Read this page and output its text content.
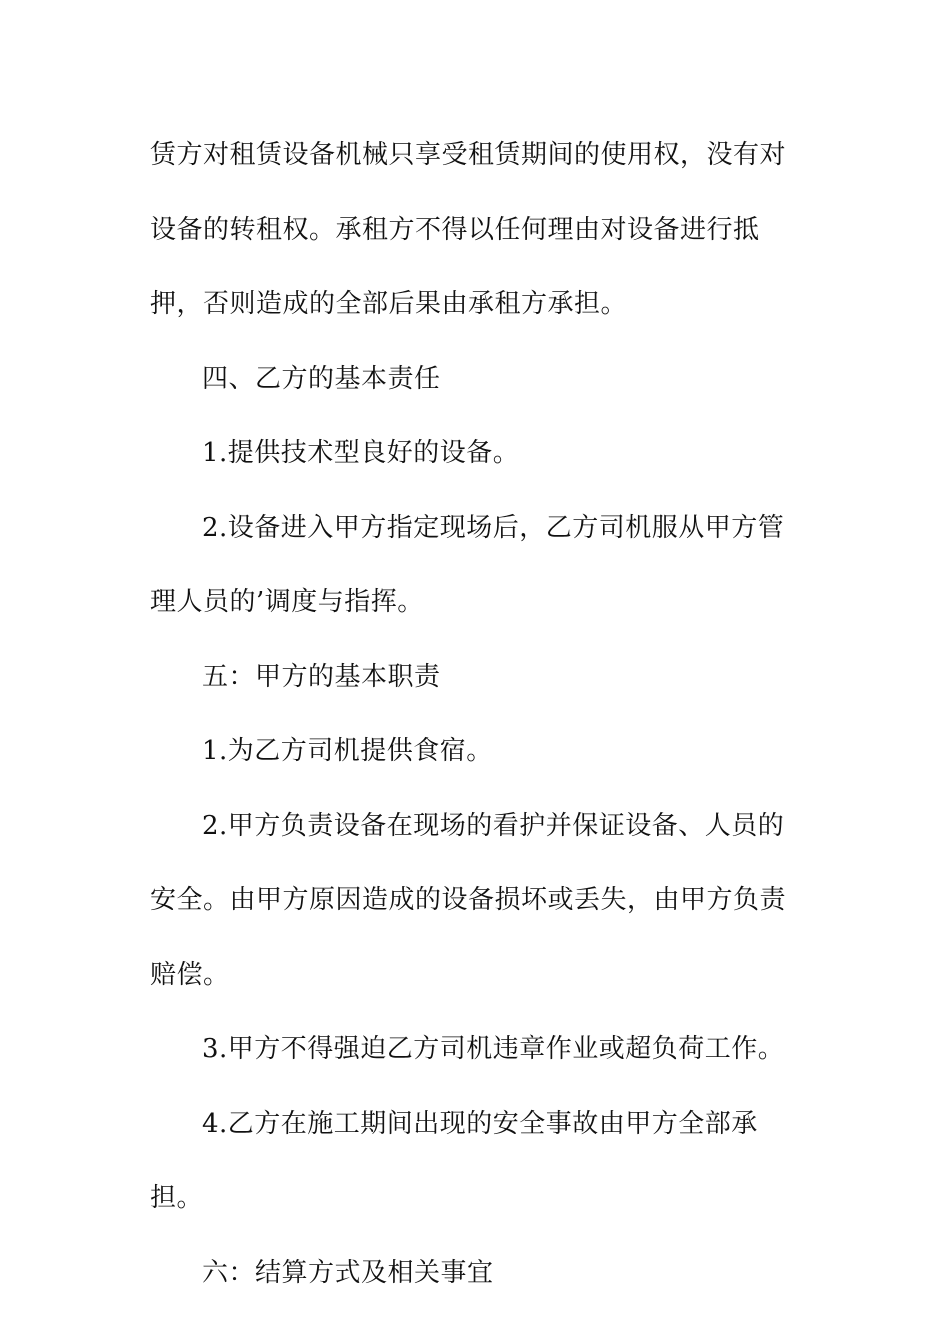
赁方对租赁设备机械只享受租赁期间的使用权，没有对设备的转租权。承租方不得以任何理由对设备进行抵押，否则造成的全部后果由承租方承担。

四、乙方的基本责任

1.提供技术型良好的设备。

2.设备进入甲方指定现场后，乙方司机服从甲方管理人员的’调度与指挥。

五：甲方的基本职责

1.为乙方司机提供食宿。

2.甲方负责设备在现场的看护并保证设备、人员的安全。由甲方原因造成的设备损坏或丢失，由甲方负责赔偿。

3.甲方不得强迫乙方司机违章作业或超负荷工作。

4.乙方在施工期间出现的安全事故由甲方全部承担。

六：结算方式及相关事宜
